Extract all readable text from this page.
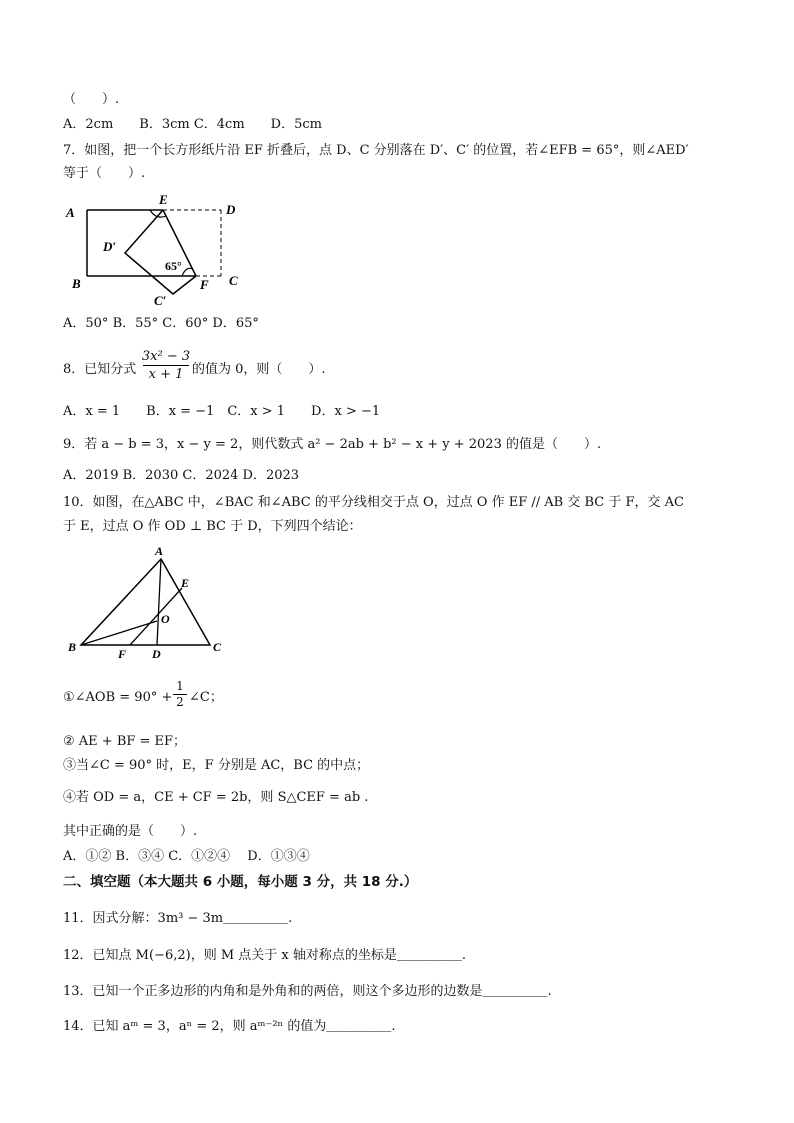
（　　）.
A．2cm　　B．3cm C．4cm　　D．5cm
7．如图，把一个长方形纸片沿 EF 折叠后，点 D、C 分别落在 D′、C′ 的位置，若∠EFB = 65°，则∠AED′
等于（　　）.
A
B	C
D
E
F
D′
C′
65°
A．50° B．55° C．60° D．65°
8．已知分式
3x² − 3
x + 1 的值为 0，则（　　）.
A．x = 1　　B．x = −1　C．x > 1　　D．x > −1
9．若 a − b = 3，x − y = 2，则代数式 a² − 2ab + b² − x + y + 2023 的值是（　　）.
A．2019 B．2030 C．2024 D．2023
10．如图，在△ABC 中，∠BAC 和∠ABC 的平分线相交于点 O，过点 O 作 EF // AB 交 BC 于 F，交 AC
于 E，过点 O 作 OD ⊥ BC 于 D，下列四个结论：
A
B	C
D
E
F
O
①∠AOB = 90° +
1
2 ∠C；
② AE + BF = EF；
③当∠C = 90° 时，E，F 分别是 AC，BC 的中点；
④若 OD = a，CE + CF = 2b，则 S△CEF = ab .
其中正确的是（　　）.
A．①② B．③④ C．①②④　 D．①③④
二、填空题（本大题共 6 小题，每小题 3 分，共 18 分.）
11．因式分解：3m³ − 3m＿＿＿＿＿.
12．已知点 M(−6,2)，则 M 点关于 x 轴对称点的坐标是＿＿＿＿＿.
13．已知一个正多边形的内角和是外角和的两倍，则这个多边形的边数是＿＿＿＿＿.
14．已知 aᵐ = 3，aⁿ = 2，则 aᵐ⁻²ⁿ 的值为＿＿＿＿＿.
